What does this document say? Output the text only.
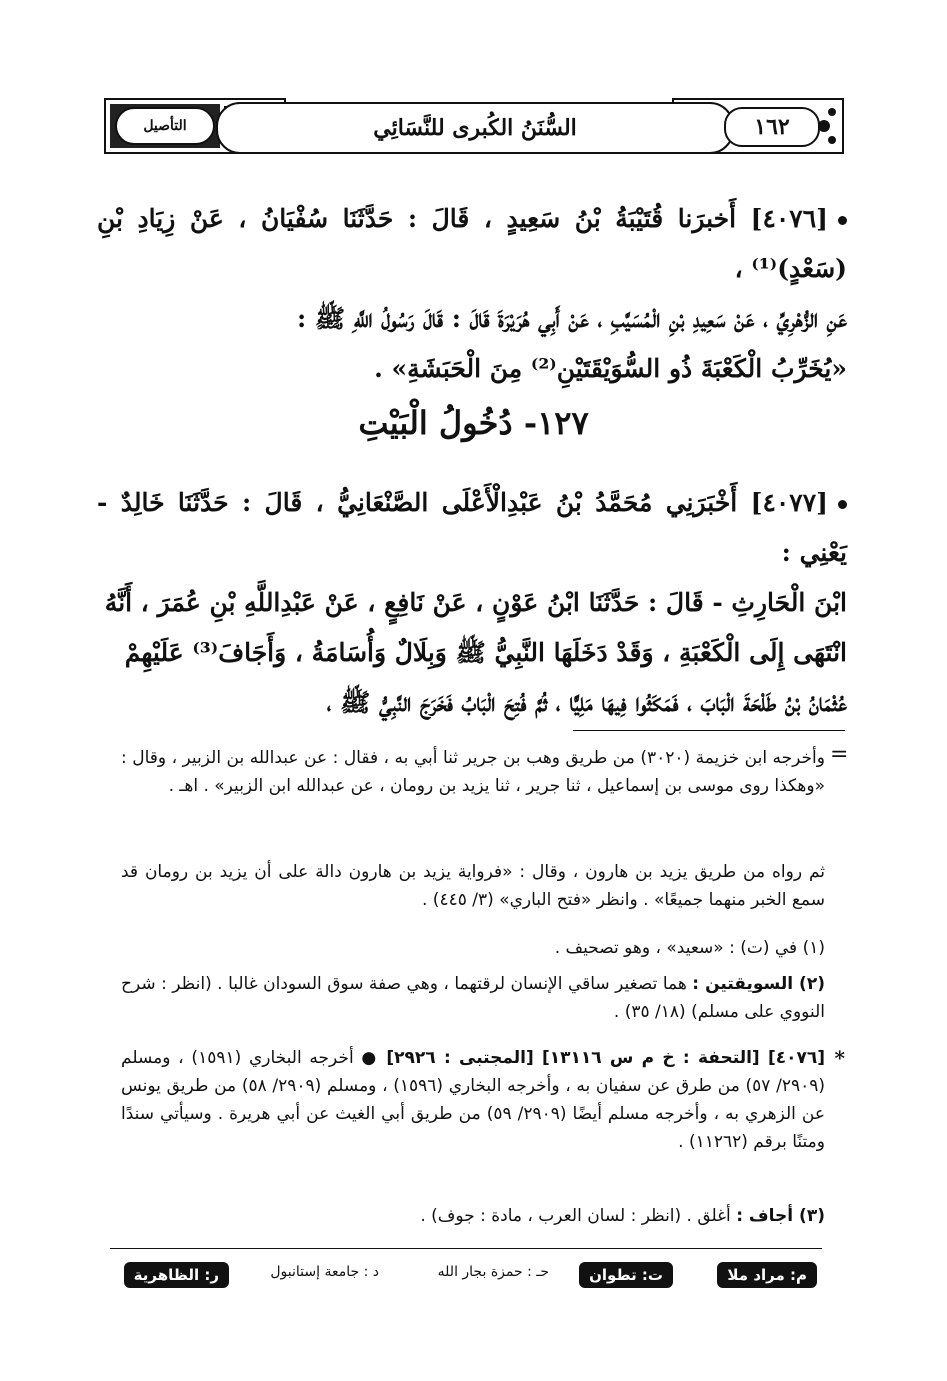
التأصيل	السُّنَنُ الكُبرى للنَّسَائِي	١٦٢
[٤٠٧٦] أَخبرَنا قُتَيْبَةُ بْنُ سَعِيدٍ ، قَالَ : حَدَّثَنَا سُفْيَانُ ، عَنْ زِيَادِ بْنِ (سَعْدٍ)⁽¹⁾ ،
عَنِ الزُّهْرِيِّ ، عَنْ سَعِيدِ بْنِ الْمُسَيَّبِ ، عَنْ أَبِي هُرَيْرَةَ قَالَ : قَالَ رَسُولُ اللَّهِ ﷺ :
«يُخَرِّبُ الْكَعْبَةَ ذُو السُّوَيْقَتَيْنِ⁽²⁾ مِنَ الْحَبَشَةِ» .
١٢٧- دُخُولُ الْبَيْتِ
[٤٠٧٧] أَخْبَرَنِي مُحَمَّدُ بْنُ عَبْدِالْأَعْلَى الصَّنْعَانِيُّ ، قَالَ : حَدَّثَنَا خَالِدٌ - يَعْنِي :
ابْنَ الْحَارِثِ - قَالَ : حَدَّثَنَا ابْنُ عَوْنٍ ، عَنْ نَافِعٍ ، عَنْ عَبْدِاللَّهِ بْنِ عُمَرَ ، أَنَّهُ
انْتَهَى إِلَى الْكَعْبَةِ ، وَقَدْ دَخَلَهَا النَّبِيُّ ﷺ وَبِلَالٌ وَأُسَامَةُ ، وَأَجَافَ⁽³⁾ عَلَيْهِمْ
عُثْمَانُ بْنُ طَلْحَةَ الْبَابَ ، فَمَكَثُوا فِيهَا مَلِيًّا ، ثُمَّ فُتِحَ الْبَابُ فَخَرَجَ النَّبِيُّ ﷺ ،
=
وأخرجه ابن خزيمة (٣٠٢٠) من طريق وهب بن جرير ثنا أبي به ، فقال : عن عبدالله بن الزبير ، وقال : «وهكذا روى موسى بن إسماعيل ، ثنا جرير ، ثنا يزيد بن رومان ، عن عبدالله ابن الزبير» . اهـ .
ثم رواه من طريق يزيد بن هارون ، وقال : «فرواية يزيد بن هارون دالة على أن يزيد بن رومان قد سمع الخبر منهما جميعًا» . وانظر «فتح الباري» (٣/ ٤٤٥) .
(١) في (ت) : «سعيد» ، وهو تصحيف .
(٢) السويقتين : هما تصغير ساقي الإنسان لرقتهما ، وهي صفة سوق السودان غالبا . (انظر : شرح النووي على مسلم) (١٨/ ٣٥) .
*
[٤٠٧٦] [التحفة : خ م س ١٣١١٦] [المجتبى : ٢٩٢٦] ● أخرجه البخاري (١٥٩١) ، ومسلم (٢٩٠٩/ ٥٧) من طرق عن سفيان به ، وأخرجه البخاري (١٥٩٦) ، ومسلم (٢٩٠٩/ ٥٨) من طريق يونس عن الزهري به ، وأخرجه مسلم أيضًا (٢٩٠٩/ ٥٩) من طريق أبي الغيث عن أبي هريرة . وسيأتي سندًا ومتنًا برقم (١١٢٦٢) .
(٣) أجاف : أغلق . (انظر : لسان العرب ، مادة : جوف) .
م: مراد ملا
ت: تطوان
حـ : حمزة بجار الله
د : جامعة إستانبول
ر: الظاهرية
